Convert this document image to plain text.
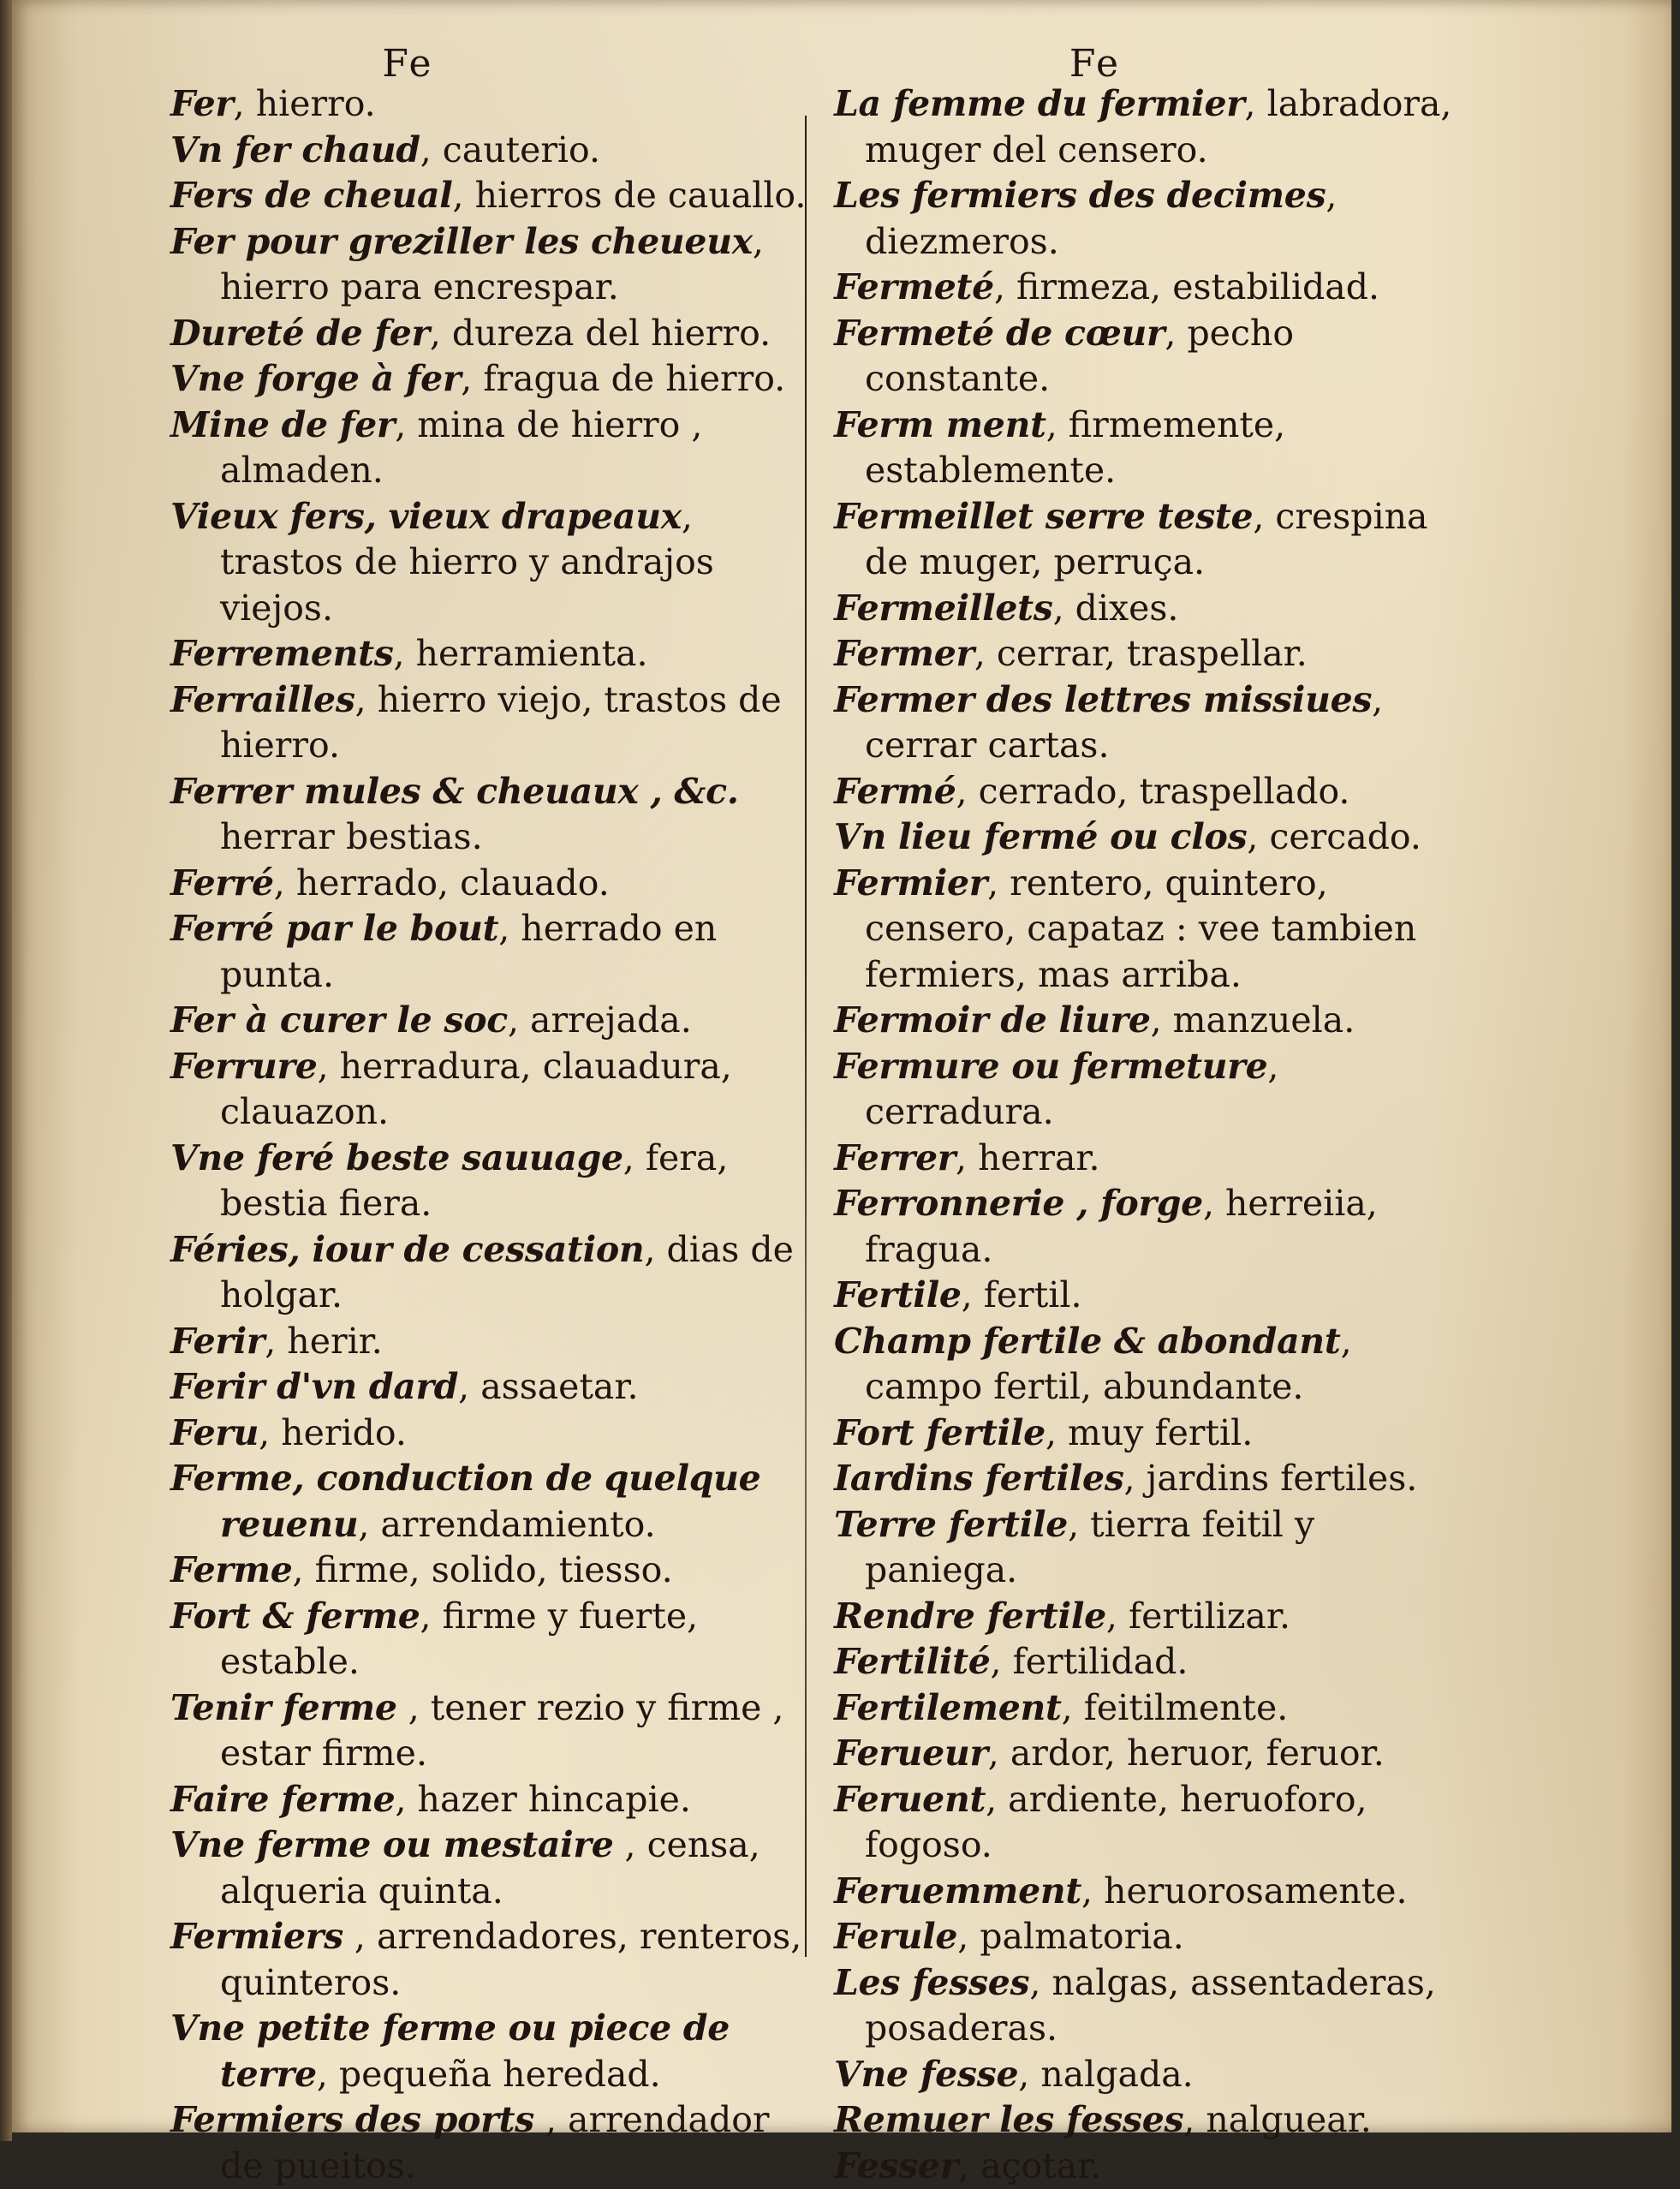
Fe
Fer, hierro.
Vn fer chaud, cauterio.
Fers de cheual, hierros de cauallo.
Fer pour greziller les cheueux, hierro para encrespar.
Dureté de fer, dureza del hierro.
Vne forge à fer, fragua de hierro.
Mine de fer, mina de hierro , almaden.
Vieux fers, vieux drapeaux, trastos de hierro y andrajos viejos.
Ferrements, herramienta.
Ferrailles, hierro viejo, trastos de hierro.
Ferrer mules & cheuaux , &c. herrar bestias.
Ferré, herrado, clauado.
Ferré par le bout, herrado en punta.
Fer à curer le soc, arrejada.
Ferrure, herradura, clauadura, clauazon.
Vne feré beste sauuage, fera, bestia fiera.
Féries, iour de cessation, dias de holgar.
Ferir, herir.
Ferir d'vn dard, assaetar.
Feru, herido.
Ferme, conduction de quelque reuenu, arrendamiento.
Ferme, firme, solido, tiesso.
Fort & ferme, firme y fuerte, estable.
Tenir ferme , tener rezio y firme , estar firme.
Faire ferme, hazer hincapie.
Vne ferme ou mestaire , censa, alqueria quinta.
Fermiers , arrendadores, renteros, quinteros.
Vne petite ferme ou piece de terre, pequeña heredad.
Fermiers des ports , arrendador de pueitos.
Fe
La femme du fermier, labradora, muger del censero.
Les fermiers des decimes, diezmeros.
Fermeté, firmeza, estabilidad.
Fermeté de cœur, pecho constante.
Ferm ment, firmemente, establemente.
Fermeillet serre teste, crespina de muger, perruça.
Fermeillets, dixes.
Fermer, cerrar, traspellar.
Fermer des lettres missiues, cerrar cartas.
Fermé, cerrado, traspellado.
Vn lieu fermé ou clos, cercado.
Fermier, rentero, quintero, censero, capataz : vee tambien fermiers, mas arriba.
Fermoir de liure, manzuela.
Fermure ou fermeture, cerradura.
Ferrer, herrar.
Ferronnerie , forge, herreiia, fragua.
Fertile, fertil.
Champ fertile & abondant, campo fertil, abundante.
Fort fertile, muy fertil.
Iardins fertiles, jardins fertiles.
Terre fertile, tierra feitil y paniega.
Rendre fertile, fertilizar.
Fertilité, fertilidad.
Fertilement, feitilmente.
Ferueur, ardor, heruor, feruor.
Feruent, ardiente, heruoforo, fogoso.
Feruemment, heruorosamente.
Ferule, palmatoria.
Les fesses, nalgas, assentaderas, posaderas.
Vne fesse, nalgada.
Remuer les fesses, nalguear.
Fesser, açotar.
